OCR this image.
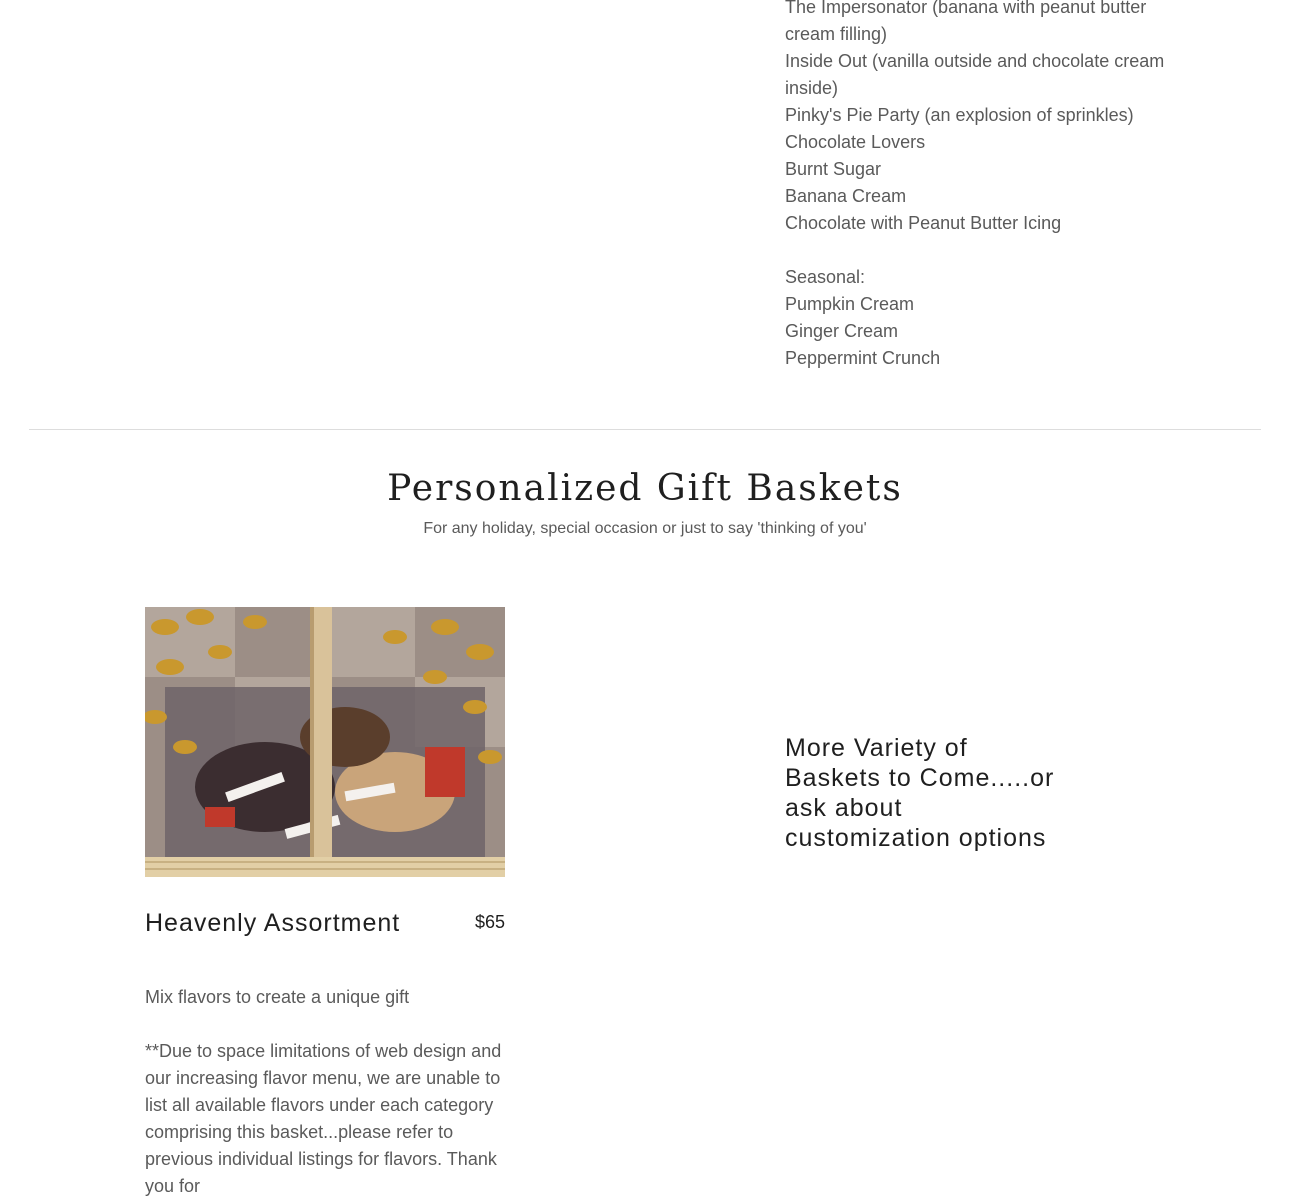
The Impersonator (banana with peanut butter cream filling)
Inside Out (vanilla outside and chocolate cream inside)
Pinky's Pie Party (an explosion of sprinkles)
Chocolate Lovers
Burnt Sugar
Banana Cream
Chocolate with Peanut Butter Icing
Seasonal:
Pumpkin Cream
Ginger Cream
Peppermint Crunch
Personalized Gift Baskets
For any holiday, special occasion or just to say 'thinking of you'
Heavenly Assortment	$65
Mix flavors to create a unique gift
**Due to space limitations of web design and our increasing flavor menu, we are unable to list all available flavors under each category comprising this basket...please refer to previous individual listings for flavors. Thank you for
More Variety of Baskets to Come.....or ask about customization options
